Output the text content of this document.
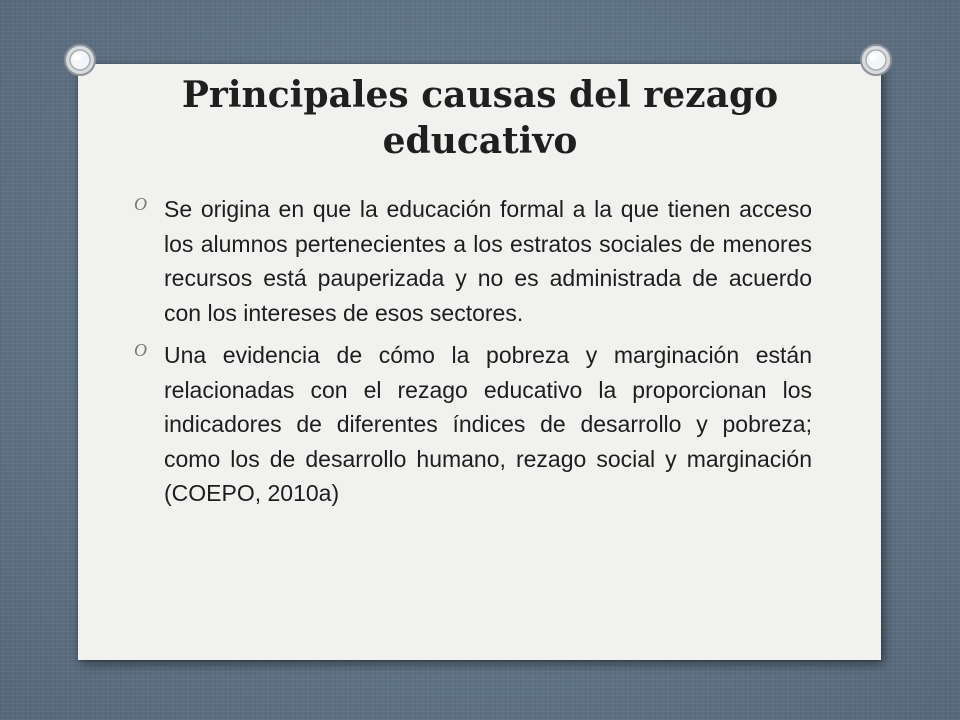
Principales causas del rezago educativo
O Se origina en que la educación formal a la que tienen acceso los alumnos pertenecientes a los estratos sociales de menores recursos está pauperizada y no es administrada de acuerdo con los intereses de esos sectores.
O Una evidencia de cómo la pobreza y marginación están relacionadas con el rezago educativo la proporcionan los indicadores de diferentes índices de desarrollo y pobreza; como los de desarrollo humano, rezago social y marginación (COEPO, 2010a)
